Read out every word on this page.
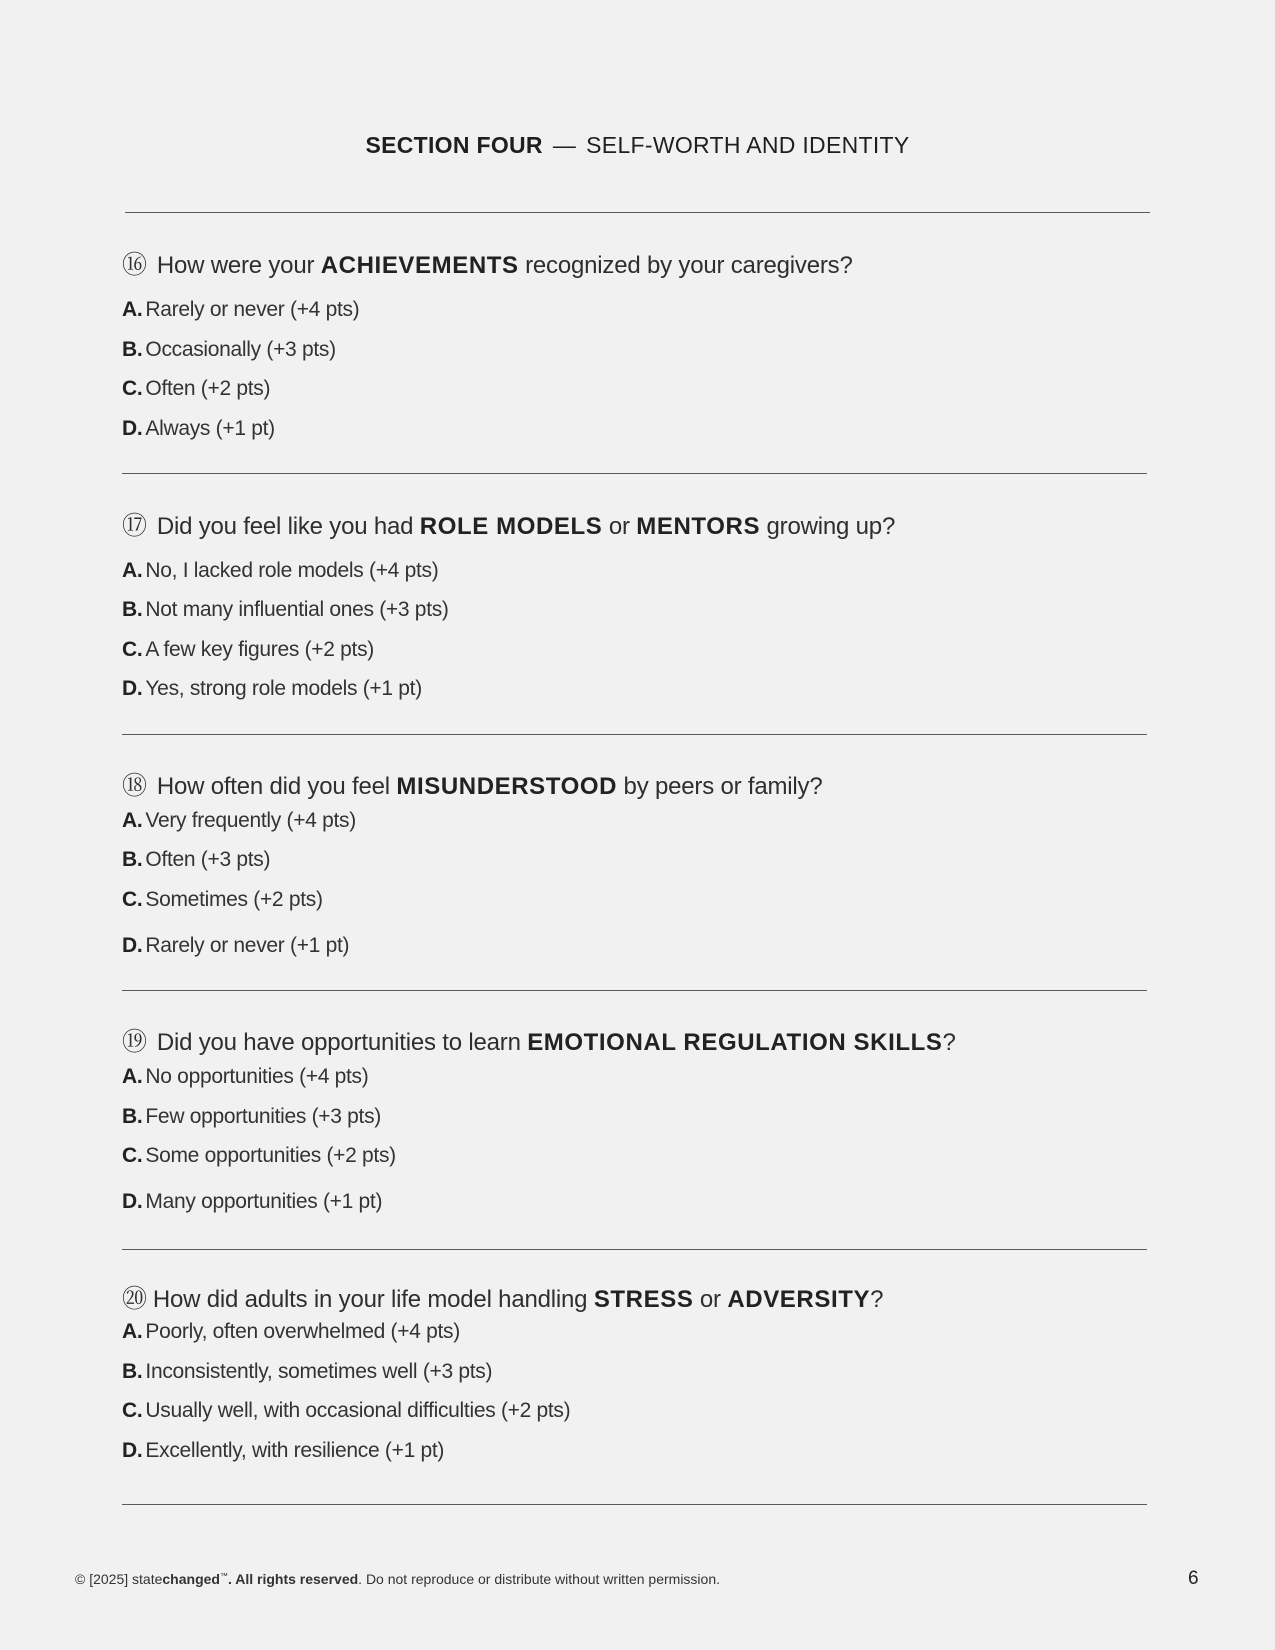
SECTION FOUR — SELF-WORTH AND IDENTITY
⑯ How were your ACHIEVEMENTS recognized by your caregivers?
A. Rarely or never (+4 pts)
B. Occasionally (+3 pts)
C. Often (+2 pts)
D. Always (+1 pt)
⑰ Did you feel like you had ROLE MODELS or MENTORS growing up?
A. No, I lacked role models (+4 pts)
B. Not many influential ones (+3 pts)
C. A few key figures (+2 pts)
D. Yes, strong role models (+1 pt)
⑱ How often did you feel MISUNDERSTOOD by peers or family?
A. Very frequently (+4 pts)
B. Often (+3 pts)
C. Sometimes (+2 pts)
D. Rarely or never (+1 pt)
⑲ Did you have opportunities to learn EMOTIONAL REGULATION SKILLS?
A. No opportunities (+4 pts)
B. Few opportunities (+3 pts)
C. Some opportunities (+2 pts)
D. Many opportunities (+1 pt)
⑳ How did adults in your life model handling STRESS or ADVERSITY?
A. Poorly, often overwhelmed (+4 pts)
B. Inconsistently, sometimes well (+3 pts)
C. Usually well, with occasional difficulties (+2 pts)
D. Excellently, with resilience (+1 pt)
© [2025] statechanged™. All rights reserved. Do not reproduce or distribute without written permission.	6
